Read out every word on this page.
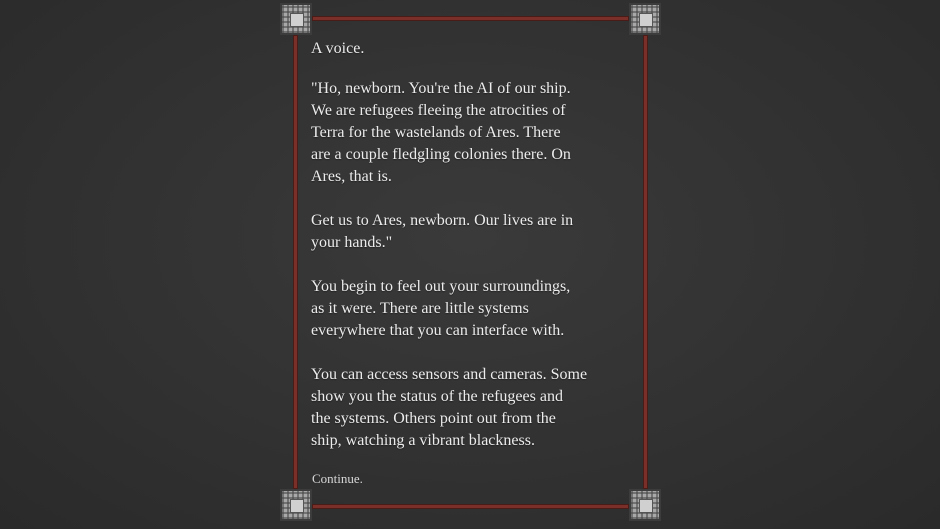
A voice.

"Ho, newborn. You're the AI of our ship.
We are refugees fleeing the atrocities of
Terra for the wastelands of Ares. There
are a couple fledgling colonies there. On
Ares, that is.

Get us to Ares, newborn. Our lives are in
your hands."

You begin to feel out your surroundings,
as it were. There are little systems
everywhere that you can interface with.

You can access sensors and cameras. Some
show you the status of the refugees and
the systems. Others point out from the
ship, watching a vibrant blackness.

Continue.
